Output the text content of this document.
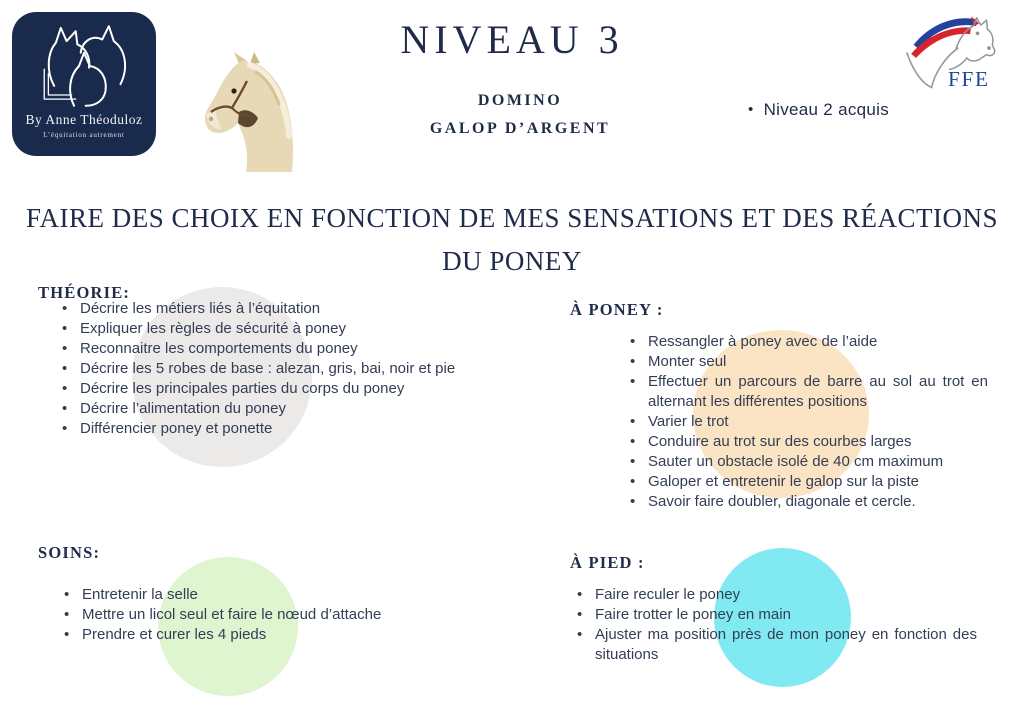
By Anne Théoduloz
L’équitation autrement
NIVEAU 3
DOMINO
GALOP D’ARGENT
FFE
• Niveau 2 acquis
FAIRE DES CHOIX EN FONCTION DE MES SENSATIONS ET DES RÉACTIONS
DU PONEY
THÉORIE:
• Décrire les métiers liés à l’équitation
• Expliquer les règles de sécurité à poney
• Reconnaitre les comportements du poney
• Décrire les 5 robes de base : alezan, gris, bai, noir et pie
• Décrire les principales parties du corps du poney
• Décrire l’alimentation du poney
• Différencier poney et ponette
À PONEY :
• Ressangler à poney avec de l’aide
• Monter seul
• Effectuer un parcours de barre au sol au trot en alternant les différentes positions
• Varier le trot
• Conduire au trot sur des courbes larges
• Sauter un obstacle isolé de 40 cm maximum
• Galoper et entretenir le galop sur la piste
• Savoir faire doubler, diagonale et cercle.
SOINS:
• Entretenir la selle
• Mettre un licol seul et faire le nœud d’attache
• Prendre et curer les 4 pieds
À PIED :
• Faire reculer le poney
• Faire trotter le poney en main
• Ajuster ma position près de mon poney en fonction des situations
